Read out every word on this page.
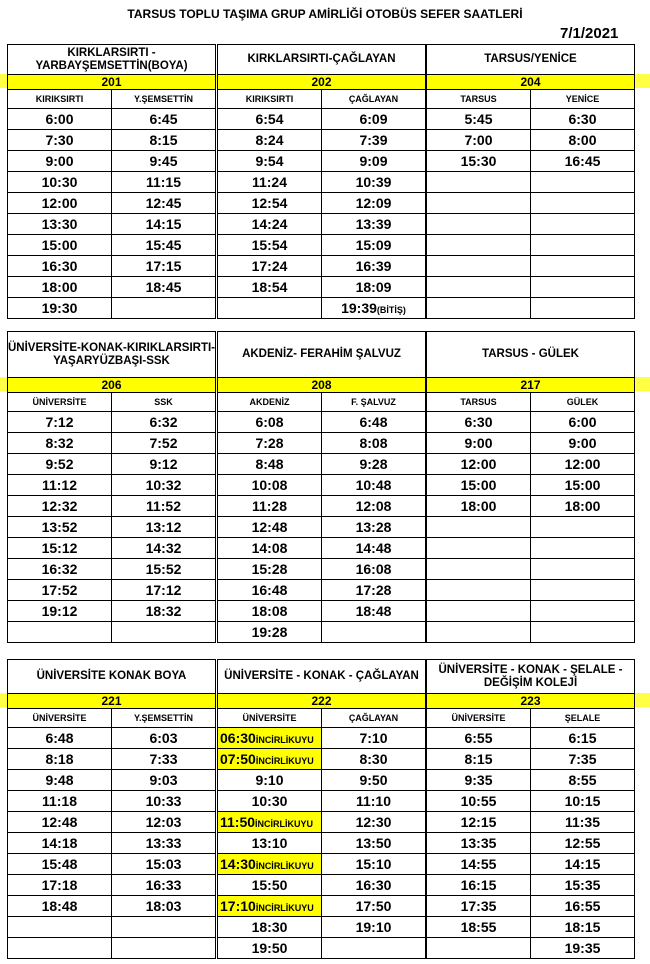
TARSUS TOPLU TAŞIMA GRUP AMİRLİĞİ OTOBÜS SEFER SAATLERİ
7/1/2021
KIRKLARSIRTI - YARBAYŞEMSETTİN(BOYA)	
201	
KIRIKSIRTI	Y.ŞEMSETTİN
6:00	6:45
7:30	8:15
9:00	9:45
10:30	11:15
12:00	12:45
13:30	14:15
15:00	15:45
16:30	17:15
18:00	18:45
19:30	
KIRKLARSIRTI-ÇAĞLAYAN	
202	
KIRIKSIRTI	ÇAĞLAYAN
6:54	6:09
8:24	7:39
9:54	9:09
11:24	10:39
12:54	12:09
14:24	13:39
15:54	15:09
17:24	16:39
18:54	18:09
	19:39(BİTİŞ)
TARSUS/YENİCE	
204	
TARSUS	YENİCE
5:45	6:30
7:00	8:00
15:30	16:45

ÜNİVERSİTE-KONAK-KIRIKLARSIRTI-YAŞARYÜZBAŞI-SSK	
206	
ÜNİVERSİTE	SSK
7:12	6:32
8:32	7:52
9:52	9:12
11:12	10:32
12:32	11:52
13:52	13:12
15:12	14:32
16:32	15:52
17:52	17:12
19:12	18:32

AKDENİZ- FERAHİM ŞALVUZ	
208	
AKDENİZ	F. ŞALVUZ
6:08	6:48
7:28	8:08
8:48	9:28
10:08	10:48
11:28	12:08
12:48	13:28
14:08	14:48
15:28	16:08
16:48	17:28
18:08	18:48
19:28	
TARSUS - GÜLEK	
217	
TARSUS	GÜLEK
6:30	6:00
9:00	9:00
12:00	12:00
15:00	15:00
18:00	18:00

ÜNİVERSİTE KONAK BOYA	
221	
ÜNİVERSİTE	Y.ŞEMSETTİN
6:48	6:03
8:18	7:33
9:48	9:03
11:18	10:33
12:48	12:03
14:18	13:33
15:48	15:03
17:18	16:33
18:48	18:03

ÜNİVERSİTE - KONAK - ÇAĞLAYAN	
222	
ÜNİVERSİTE	ÇAĞLAYAN
06:30İNCİRLİKUYU	7:10
07:50İNCİRLİKUYU	8:30
9:10	9:50
10:30	11:10
11:50İNCİRLİKUYU	12:30
13:10	13:50
14:30İNCİRLİKUYU	15:10
15:50	16:30
17:10İNCİRLİKUYU	17:50
18:30	19:10
19:50	
ÜNİVERSİTE - KONAK - ŞELALE - DEĞİŞİM KOLEJİ	
223	
ÜNİVERSİTE	ŞELALE
6:55	6:15
8:15	7:35
9:35	8:55
10:55	10:15
12:15	11:35
13:35	12:55
14:55	14:15
16:15	15:35
17:35	16:55
18:55	18:15
	19:35
